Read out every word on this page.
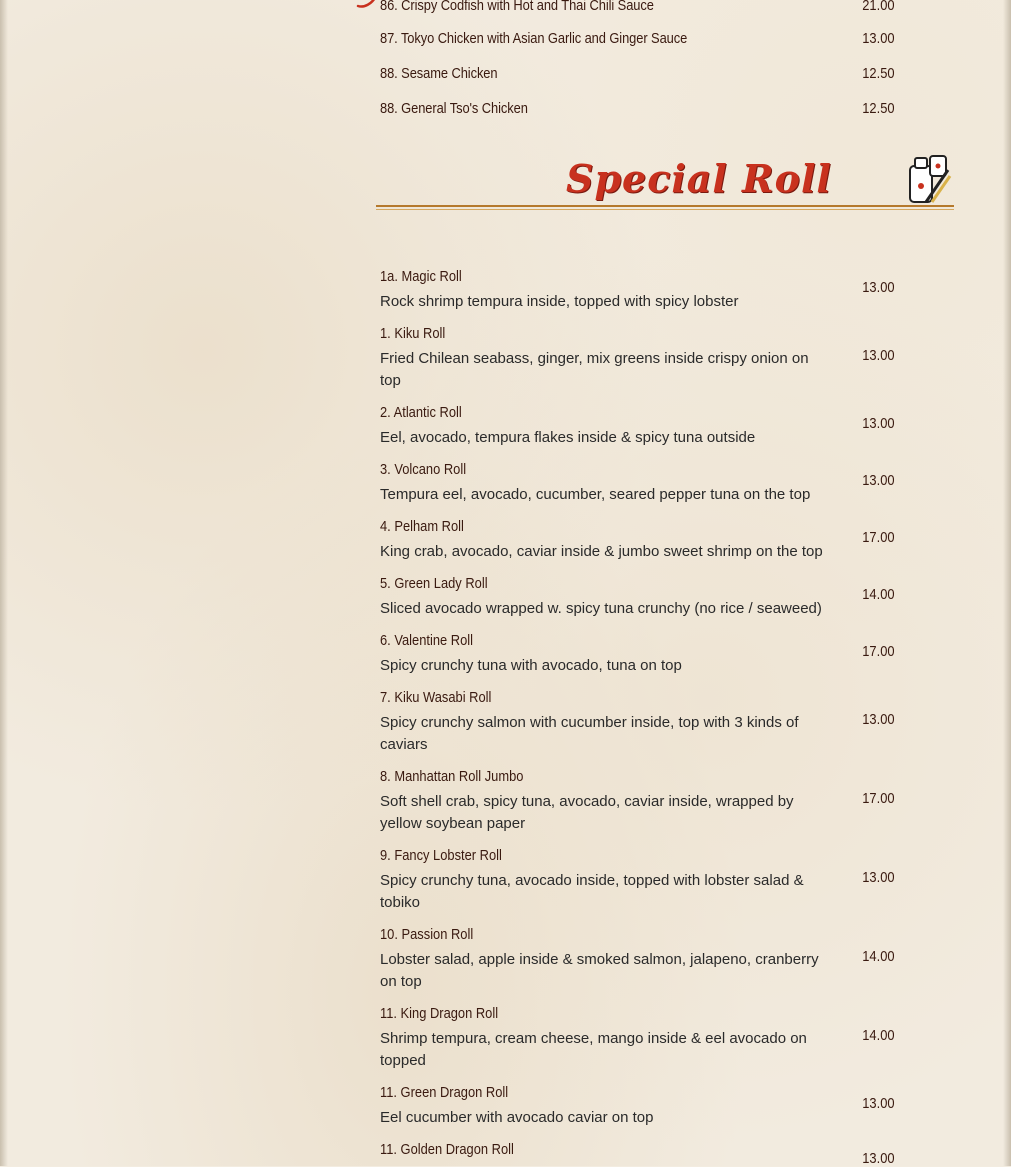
86. Crispy Codfish with Hot and Thai Chili Sauce	21.00
87. Tokyo Chicken with Asian Garlic and Ginger Sauce	13.00
88. Sesame Chicken	12.50
88. General Tso's Chicken	12.50
Special Roll
1a. Magic Roll
Rock shrimp tempura inside, topped with spicy lobster
13.00
1. Kiku Roll
Fried Chilean seabass, ginger, mix greens inside crispy onion on top
13.00
2. Atlantic Roll
Eel, avocado, tempura flakes inside & spicy tuna outside
13.00
3. Volcano Roll
Tempura eel, avocado, cucumber, seared pepper tuna on the top
13.00
4. Pelham Roll
King crab, avocado, caviar inside & jumbo sweet shrimp on the top
17.00
5. Green Lady Roll
Sliced avocado wrapped w. spicy tuna crunchy (no rice / seaweed)
14.00
6. Valentine Roll
Spicy crunchy tuna with avocado, tuna on top
17.00
7. Kiku Wasabi Roll
Spicy crunchy salmon with cucumber inside, top with 3 kinds of caviars
13.00
8. Manhattan Roll Jumbo
Soft shell crab, spicy tuna, avocado, caviar inside, wrapped by yellow soybean paper
17.00
9. Fancy Lobster Roll
Spicy crunchy tuna, avocado inside, topped with lobster salad & tobiko
13.00
10. Passion Roll
Lobster salad, apple inside & smoked salmon, jalapeno, cranberry on top
14.00
11. King Dragon Roll
Shrimp tempura, cream cheese, mango inside & eel avocado on topped
14.00
11. Green Dragon Roll
Eel cucumber with avocado caviar on top
13.00
11. Golden Dragon Roll
13.00
